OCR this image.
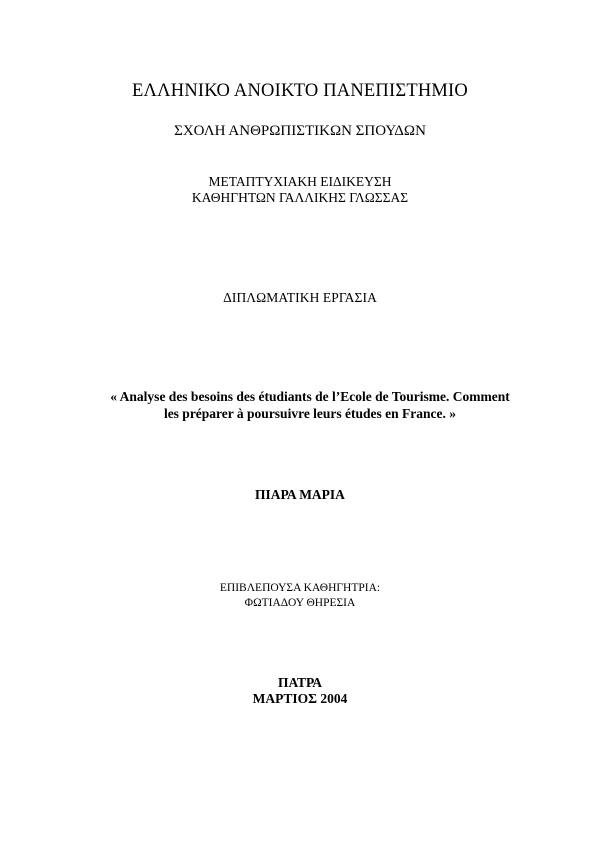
ΕΛΛΗΝΙΚΟ ΑΝΟΙΚΤΟ ΠΑΝΕΠΙΣΤΗΜΙΟ
ΣΧΟΛΗ ΑΝΘΡΩΠΙΣΤΙΚΩΝ ΣΠΟΥΔΩΝ
ΜΕΤΑΠΤΥΧΙΑΚΗ ΕΙΔΙΚΕΥΣΗ
ΚΑΘΗΓΗΤΩΝ ΓΑΛΛΙΚΗΣ ΓΛΩΣΣΑΣ
ΔΙΠΛΩΜΑΤΙΚΗ ΕΡΓΑΣΙΑ
« Analyse des besoins des étudiants de l’Ecole de Tourisme. Comment
les préparer à poursuivre leurs études en France. »
ΠΙΑΡΑ ΜΑΡΙΑ
ΕΠΙΒΛΕΠΟΥΣΑ ΚΑΘΗΓΗΤΡΙΑ:
ΦΩΤΙΑΔΟΥ ΘΗΡΕΣΙΑ
ΠΑΤΡΑ
ΜΑΡΤΙΟΣ 2004
